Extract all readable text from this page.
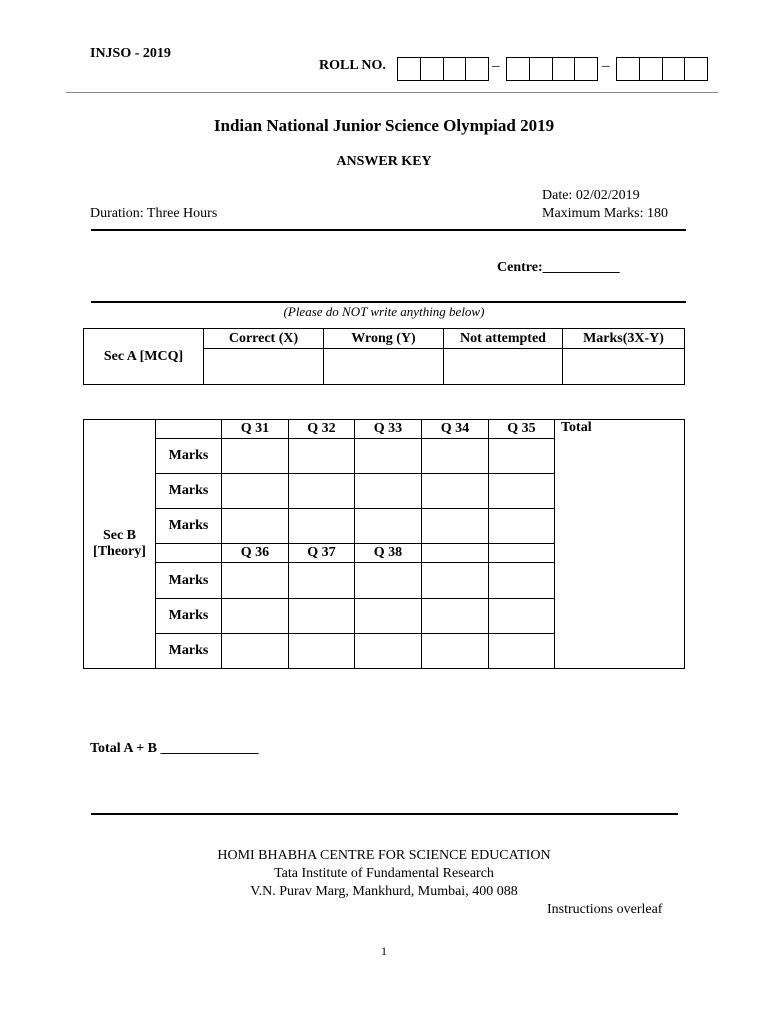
INJSO - 2019
ROLL NO.	–	–
Indian National Junior Science Olympiad 2019
ANSWER KEY
Date: 02/02/2019
Duration: Three Hours	Maximum Marks: 180
Centre:___________
(Please do NOT write anything below)
Sec A [MCQ]	Correct (X)	Wrong (Y)	Not attempted	Marks(3X-Y)

Sec B
[Theory]		Q 31	Q 32	Q 33	Q 34	Q 35	Total
	Marks						
	Marks						
	Marks						
		Q 36	Q 37	Q 38			
	Marks						
	Marks						
	Marks						
Total A + B ______________
HOMI BHABHA CENTRE FOR SCIENCE EDUCATION
Tata Institute of Fundamental Research
V.N. Purav Marg, Mankhurd, Mumbai, 400 088
Instructions overleaf
1
